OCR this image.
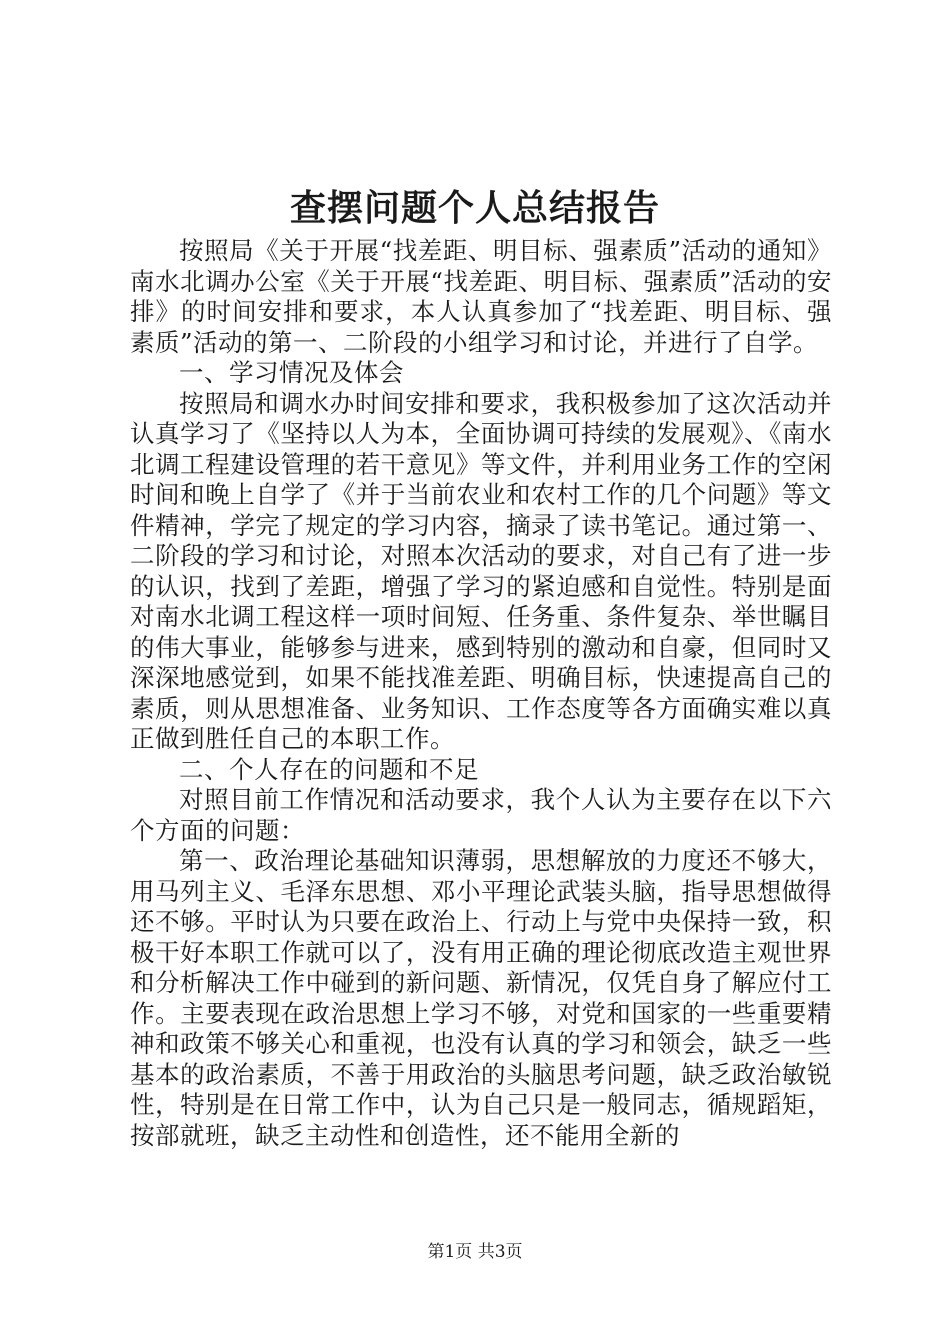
查摆问题个人总结报告

按照局《关于开展“找差距、明目标、强素质”活动的通知》南水北调办公室《关于开展“找差距、明目标、强素质”活动的安排》的时间安排和要求，本人认真参加了“找差距、明目标、强素质”活动的第一、二阶段的小组学习和讨论，并进行了自学。

一、学习情况及体会

按照局和调水办时间安排和要求，我积极参加了这次活动并认真学习了《坚持以人为本，全面协调可持续的发展观》、《南水北调工程建设管理的若干意见》等文件，并利用业务工作的空闲时间和晚上自学了《并于当前农业和农村工作的几个问题》等文件精神，学完了规定的学习内容，摘录了读书笔记。通过第一、二阶段的学习和讨论，对照本次活动的要求，对自己有了进一步的认识，找到了差距，增强了学习的紧迫感和自觉性。特别是面对南水北调工程这样一项时间短、任务重、条件复杂、举世瞩目的伟大事业，能够参与进来，感到特别的激动和自豪，但同时又深深地感觉到，如果不能找准差距、明确目标，快速提高自己的素质，则从思想准备、业务知识、工作态度等各方面确实难以真正做到胜任自己的本职工作。

二、个人存在的问题和不足

对照目前工作情况和活动要求，我个人认为主要存在以下六个方面的问题：

第一、政治理论基础知识薄弱，思想解放的力度还不够大，用马列主义、毛泽东思想、邓小平理论武装头脑，指导思想做得还不够。平时认为只要在政治上、行动上与党中央保持一致，积极干好本职工作就可以了，没有用正确的理论彻底改造主观世界和分析解决工作中碰到的新问题、新情况，仅凭自身了解应付工作。主要表现在政治思想上学习不够，对党和国家的一些重要精神和政策不够关心和重视，也没有认真的学习和领会，缺乏一些基本的政治素质，不善于用政治的头脑思考问题，缺乏政治敏锐性，特别是在日常工作中，认为自己只是一般同志，循规蹈矩，按部就班，缺乏主动性和创造性，还不能用全新的

第1页 共3页
